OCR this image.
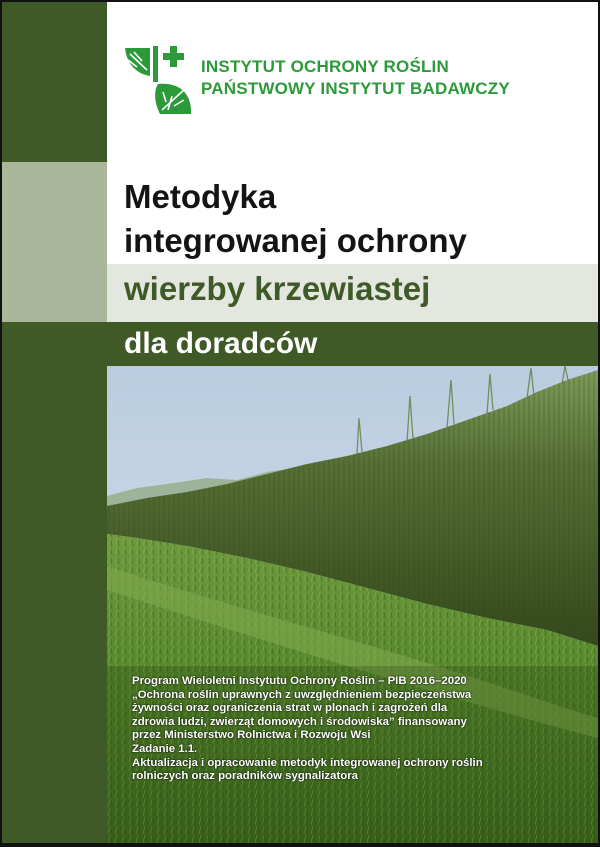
INSTYTUT OCHRONY ROŚLIN
PAŃSTWOWY INSTYTUT BADAWCZY
Metodyka
integrowanej ochrony
wierzby krzewiastej
dla doradców
Program Wieloletni Instytutu Ochrony Roślin – PIB 2016–2020
„Ochrona roślin uprawnych z uwzględnieniem bezpieczeństwa
żywności oraz ograniczenia strat w plonach i zagrożeń dla
zdrowia ludzi, zwierząt domowych i środowiska” finansowany
przez Ministerstwo Rolnictwa i Rozwoju Wsi
Zadanie 1.1.
Aktualizacja i opracowanie metodyk integrowanej ochrony roślin
rolniczych oraz poradników sygnalizatora
